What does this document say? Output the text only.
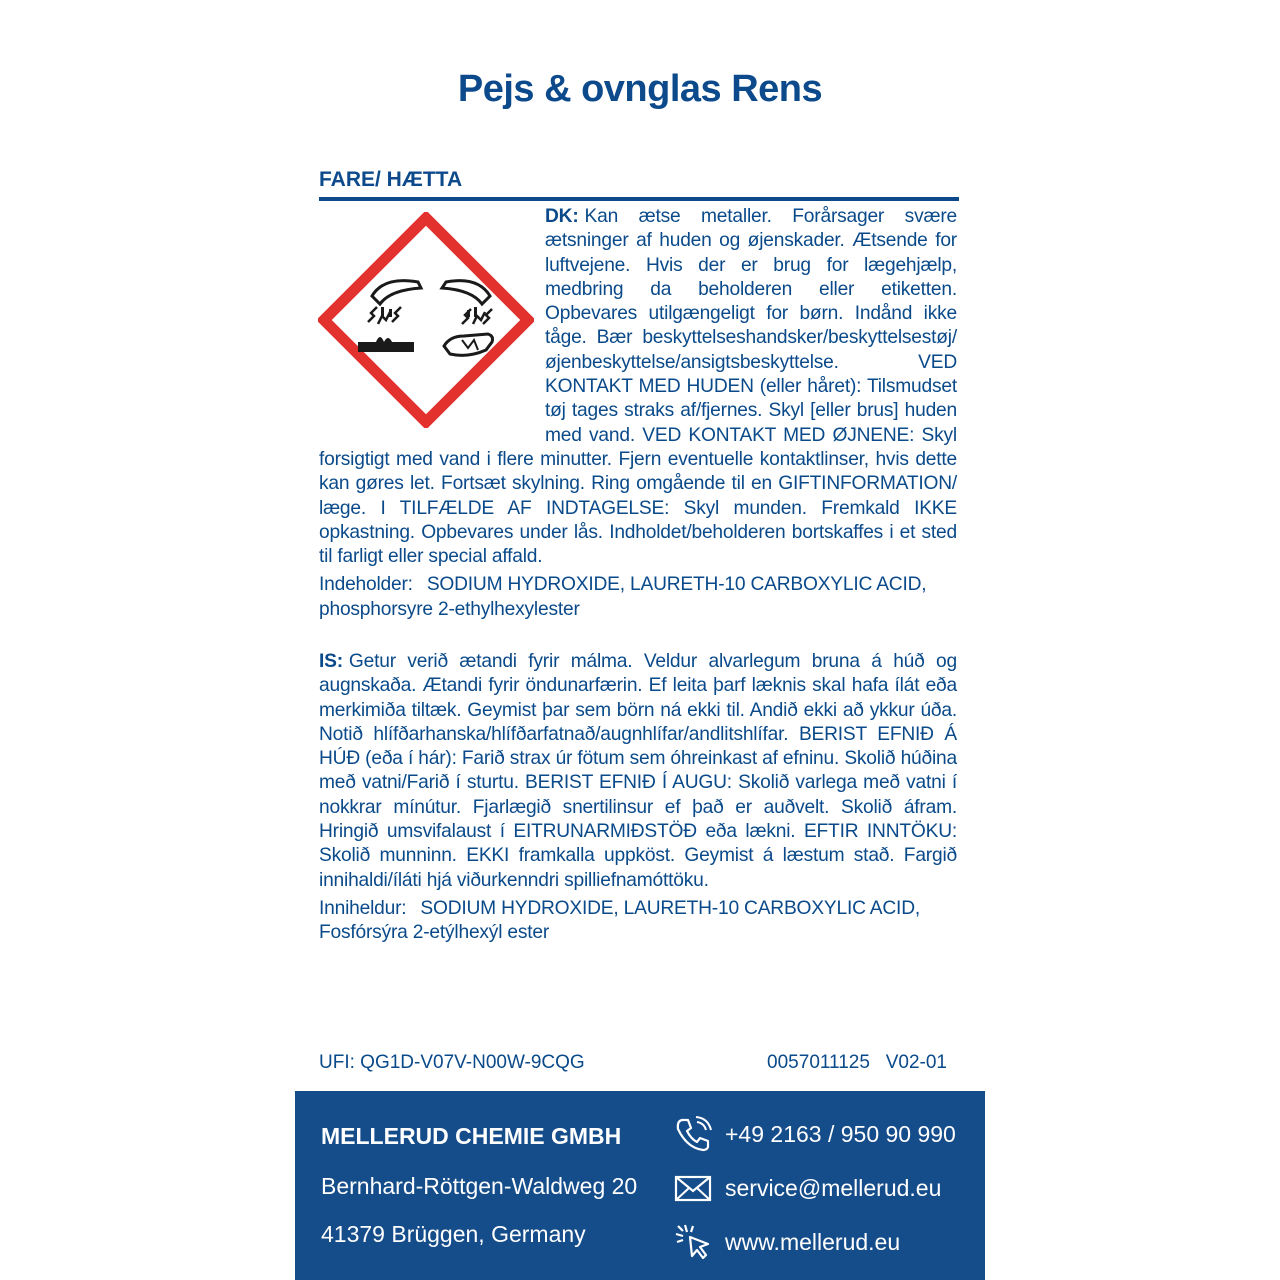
Pejs & ovnglas Rens
FARE/ HÆTTA
DK: Kan ætse metaller. Forårsager svære ætsninger af huden og øjenskader. Ætsende for luftvejene. Hvis der er brug for lægehjælp, medbring da beholderen eller etiketten. Opbevares utilgængeligt for børn. Indånd ikke tåge. Bær beskyttelseshandsker/beskyttelsestøj/øjenbeskyttelse/ansigtsbeskyttelse. VED KONTAKT MED HUDEN (eller håret): Tilsmudset tøj tages straks af/fjernes. Skyl [eller brus] huden med vand. VED KONTAKT MED ØJNENE: Skyl forsigtigt med vand i flere minutter. Fjern eventuelle kontaktlinser, hvis dette kan gøres let. Fortsæt skylning. Ring omgående til en GIFTINFORMATION/ læge. I TILFÆLDE AF INDTAGELSE: Skyl munden. Fremkald IKKE opkastning. Opbevares under lås. Indholdet/beholderen bortskaffes i et sted til farligt eller special affald.
Indeholder: SODIUM HYDROXIDE, LAURETH-10 CARBOXYLIC ACID, phosphorsyre 2-ethylhexylester
IS: Getur verið ætandi fyrir málma. Veldur alvarlegum bruna á húð og augnskaða. Ætandi fyrir öndunarfærin. Ef leita þarf læknis skal hafa ílát eða merkimiða tiltæk. Geymist þar sem börn ná ekki til. Andið ekki að ykkur úða. Notið hlífðarhanska/hlífðarfatnað/augnhlífar/andlitshlífar. BERIST EFNIÐ Á HÚÐ (eða í hár): Farið strax úr fötum sem óhreinkast af efninu. Skolið húðina með vatni/Farið í sturtu. BERIST EFNIÐ Í AUGU: Skolið varlega með vatni í nokkrar mínútur. Fjarlægið snertilinsur ef það er auðvelt. Skolið áfram. Hringið umsvifalaust í EITRUNARMIÐSTÖÐ eða lækni. EFTIR INNTÖKU: Skolið munninn. EKKI framkalla uppköst. Geymist á læstum stað. Fargið innihaldi/íláti hjá viðurkenndri spilliefnamóttöku.
Inniheldur: SODIUM HYDROXIDE, LAURETH-10 CARBOXYLIC ACID, Fosfórsýra 2-etýlhexýl ester
UFI: QG1D-V07V-N00W-9CQG	0057011125   V02-01
MELLERUD CHEMIE GMBH
Bernhard-Röttgen-Waldweg 20
41379 Brüggen, Germany
+49 2163 / 950 90 990
service@mellerud.eu
www.mellerud.eu
